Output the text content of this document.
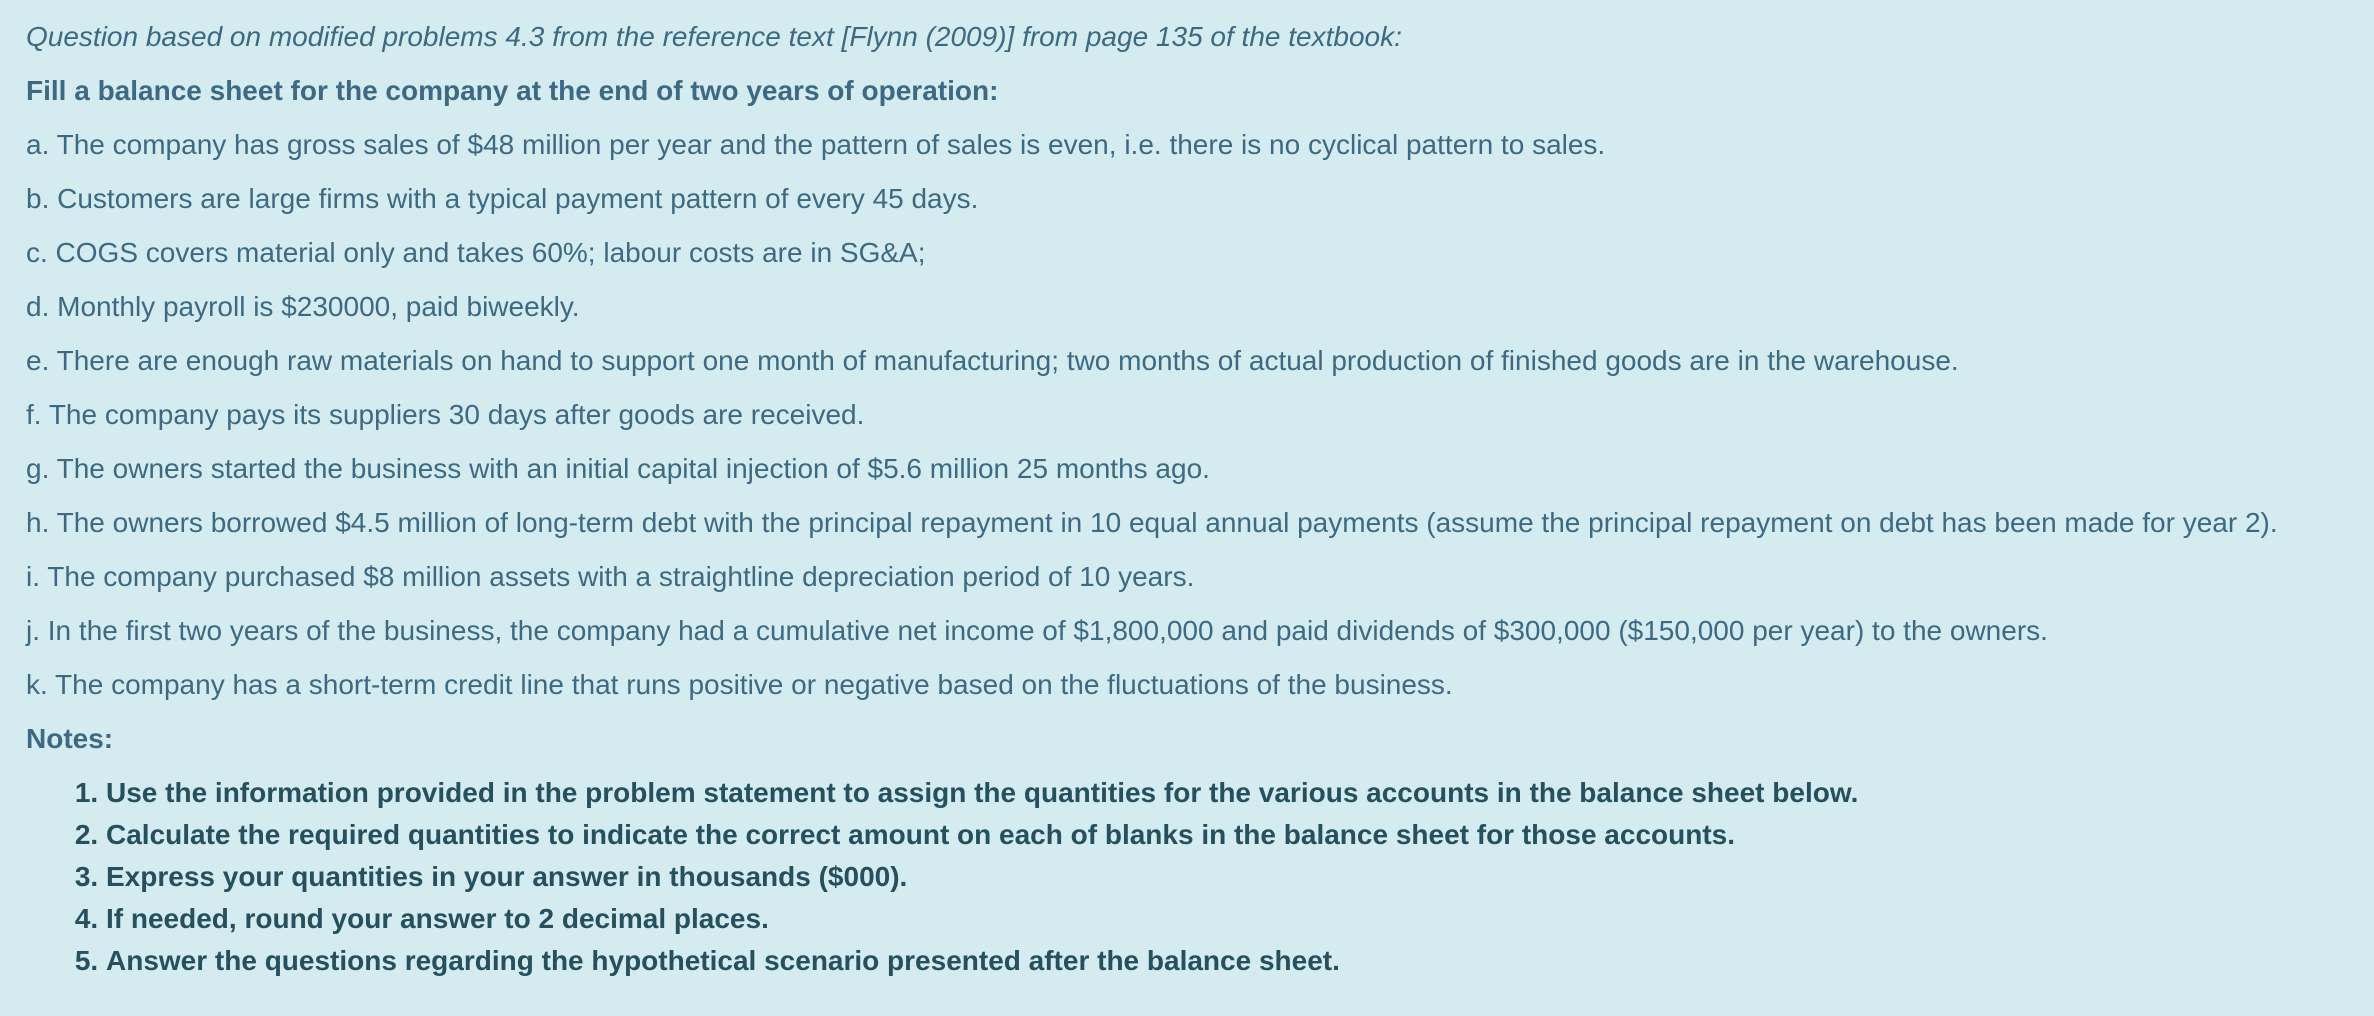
Question based on modified problems 4.3 from the reference text [Flynn (2009)] from page 135 of the textbook:

Fill a balance sheet for the company at the end of two years of operation:

a. The company has gross sales of $48 million per year and the pattern of sales is even, i.e. there is no cyclical pattern to sales.
b. Customers are large firms with a typical payment pattern of every 45 days.
c. COGS covers material only and takes 60%; labour costs are in SG&A;
d. Monthly payroll is $230000, paid biweekly.
e. There are enough raw materials on hand to support one month of manufacturing; two months of actual production of finished goods are in the warehouse.
f. The company pays its suppliers 30 days after goods are received.
g. The owners started the business with an initial capital injection of $5.6 million 25 months ago.
h. The owners borrowed $4.5 million of long-term debt with the principal repayment in 10 equal annual payments (assume the principal repayment on debt has been made for year 2).
i. The company purchased $8 million assets with a straightline depreciation period of 10 years.
j. In the first two years of the business, the company had a cumulative net income of $1,800,000 and paid dividends of $300,000 ($150,000 per year) to the owners.
k. The company has a short-term credit line that runs positive or negative based on the fluctuations of the business.

Notes:

1. Use the information provided in the problem statement to assign the quantities for the various accounts in the balance sheet below.
2. Calculate the required quantities to indicate the correct amount on each of blanks in the balance sheet for those accounts.
3. Express your quantities in your answer in thousands ($000).
4. If needed, round your answer to 2 decimal places.
5. Answer the questions regarding the hypothetical scenario presented after the balance sheet.
